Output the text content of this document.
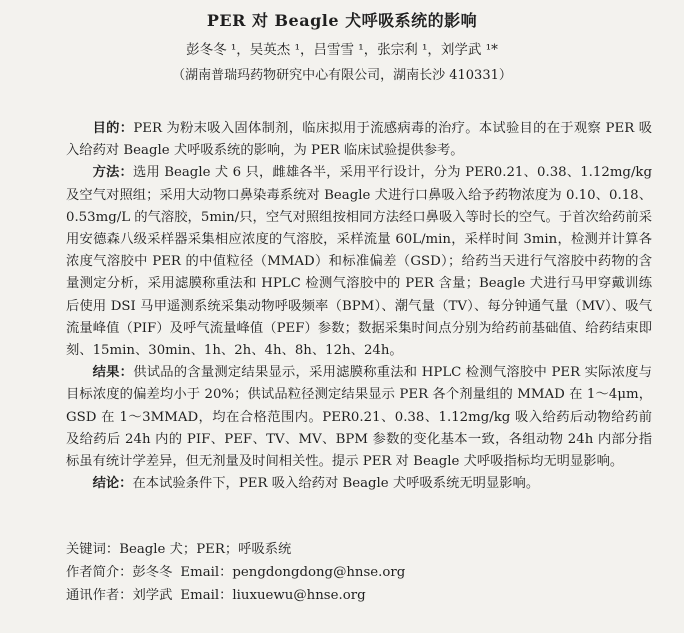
PER 对 Beagle 犬呼吸系统的影响
彭冬冬 ¹，吴英杰 ¹，吕雪雪 ¹，张宗利 ¹，刘学武 ¹*
（湖南普瑞玛药物研究中心有限公司，湖南长沙 410331）

目的：PER 为粉末吸入固体制剂，临床拟用于流感病毒的治疗。本试验目的在于观察 PER 吸入给药对 Beagle 犬呼吸系统的影响，为 PER 临床试验提供参考。

方法：选用 Beagle 犬 6 只，雌雄各半，采用平行设计，分为 PER0.21、0.38、1.12mg/kg 及空气对照组；采用大动物口鼻染毒系统对 Beagle 犬进行口鼻吸入给予药物浓度为 0.10、0.18、0.53mg/L 的气溶胶，5min/只，空气对照组按相同方法经口鼻吸入等时长的空气。于首次给药前采用安德森八级采样器采集相应浓度的气溶胶，采样流量 60L/min，采样时间 3min，检测并计算各浓度气溶胶中 PER 的中值粒径（MMAD）和标准偏差（GSD）；给药当天进行气溶胶中药物的含量测定分析，采用滤膜称重法和 HPLC 检测气溶胶中的 PER 含量；Beagle 犬进行马甲穿戴训练后使用 DSI 马甲遥测系统采集动物呼吸频率（BPM）、潮气量（TV）、每分钟通气量（MV）、吸气流量峰值（PIF）及呼气流量峰值（PEF）参数；数据采集时间点分别为给药前基础值、给药结束即刻、15min、30min、1h、2h、4h、8h、12h、24h。

结果：供试品的含量测定结果显示，采用滤膜称重法和 HPLC 检测气溶胶中 PER 实际浓度与目标浓度的偏差均小于 20%；供试品粒径测定结果显示 PER 各个剂量组的 MMAD 在 1～4μm，GSD 在 1～3MMAD，均在合格范围内。PER0.21、0.38、1.12mg/kg 吸入给药后动物给药前及给药后 24h 内的 PIF、PEF、TV、MV、BPM 参数的变化基本一致，各组动物 24h 内部分指标虽有统计学差异，但无剂量及时间相关性。提示 PER 对 Beagle 犬呼吸指标均无明显影响。

结论：在本试验条件下，PER 吸入给药对 Beagle 犬呼吸系统无明显影响。

关键词：Beagle 犬；PER；呼吸系统

作者简介：彭冬冬 Email：pengdongdong@hnse.org

通讯作者：刘学武 Email：liuxuewu@hnse.org
